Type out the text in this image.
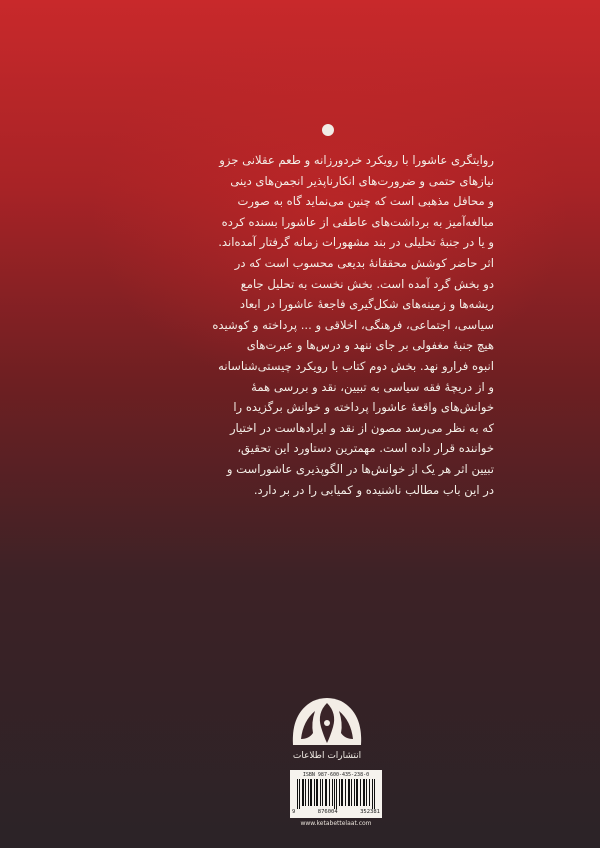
روایتگری عاشورا با رویکرد خردورزانه و طعم عقلانی جزو
نیازهای حتمی و ضرورت‌های انکارناپذیر انجمن‌های دینی
و محافل مذهبی است که چنین می‌نماید گاه به صورت
مبالغه‌آمیز به برداشت‌های عاطفی از عاشورا بسنده کرده
و یا در جنبهٔ تحلیلی در بند مشهورات زمانه گرفتار آمده‌اند.
اثر حاضر کوشش محققانهٔ بدیعی محسوب است که در
دو بخش گرد آمده است. بخش نخست به تحلیل جامع
ریشه‌ها و زمینه‌های شکل‌گیری فاجعهٔ عاشورا در ابعاد
سیاسی، اجتماعی، فرهنگی، اخلاقی و ... پرداخته و کوشیده
هیچ جنبهٔ مغفولی بر جای ننهد و درس‌ها و عبرت‌های
انبوه فرارو نهد. بخش دوم کتاب با رویکرد چیستی‌شناسانه
و از دریچهٔ فقه سیاسی به تبیین، نقد و بررسی همهٔ
خوانش‌های واقعهٔ عاشورا پرداخته و خوانش برگزیده را
که به نظر می‌رسد مصون از نقد و ایرادهاست در اختیار
خواننده قرار داده است. مهمترین دستاورد این تحقیق،
تبیین اثر هر یک از خوانش‌ها در الگوپذیری عاشوراست و
در این باب مطالب ناشنیده و کمیابی را در بر دارد.
انتشارات اطلاعات
ISBN 987-600-435-238-0
9	876004	352381
www.ketabettelaat.com
